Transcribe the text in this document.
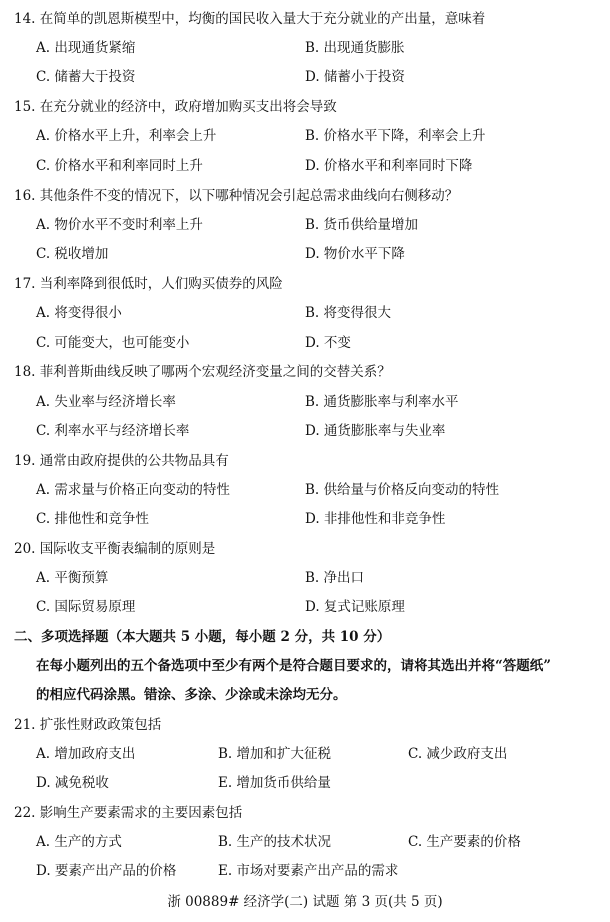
14. 在简单的凯恩斯模型中，均衡的国民收入量大于充分就业的产出量，意味着
A. 出现通货紧缩	B. 出现通货膨胀
C. 储蓄大于投资	D. 储蓄小于投资
15. 在充分就业的经济中，政府增加购买支出将会导致
A. 价格水平上升，利率会上升	B. 价格水平下降，利率会上升
C. 价格水平和利率同时上升	D. 价格水平和利率同时下降
16. 其他条件不变的情况下，以下哪种情况会引起总需求曲线向右侧移动？
A. 物价水平不变时利率上升	B. 货币供给量增加
C. 税收增加	D. 物价水平下降
17. 当利率降到很低时，人们购买债券的风险
A. 将变得很小	B. 将变得很大
C. 可能变大，也可能变小	D. 不变
18. 菲利普斯曲线反映了哪两个宏观经济变量之间的交替关系？
A. 失业率与经济增长率	B. 通货膨胀率与利率水平
C. 利率水平与经济增长率	D. 通货膨胀率与失业率
19. 通常由政府提供的公共物品具有
A. 需求量与价格正向变动的特性	B. 供给量与价格反向变动的特性
C. 排他性和竞争性	D. 非排他性和非竞争性
20. 国际收支平衡表编制的原则是
A. 平衡预算	B. 净出口
C. 国际贸易原理	D. 复式记账原理
二、多项选择题（本大题共 5 小题，每小题 2 分，共 10 分）
在每小题列出的五个备选项中至少有两个是符合题目要求的，请将其选出并将“答题纸”
的相应代码涂黑。错涂、多涂、少涂或未涂均无分。
21. 扩张性财政政策包括
A. 增加政府支出	B. 增加和扩大征税	C. 减少政府支出
D. 减免税收	E. 增加货币供给量
22. 影响生产要素需求的主要因素包括
A. 生产的方式	B. 生产的技术状况	C. 生产要素的价格
D. 要素产出产品的价格	E. 市场对要素产出产品的需求
浙 00889# 经济学(二) 试题 第 3 页(共 5 页)
